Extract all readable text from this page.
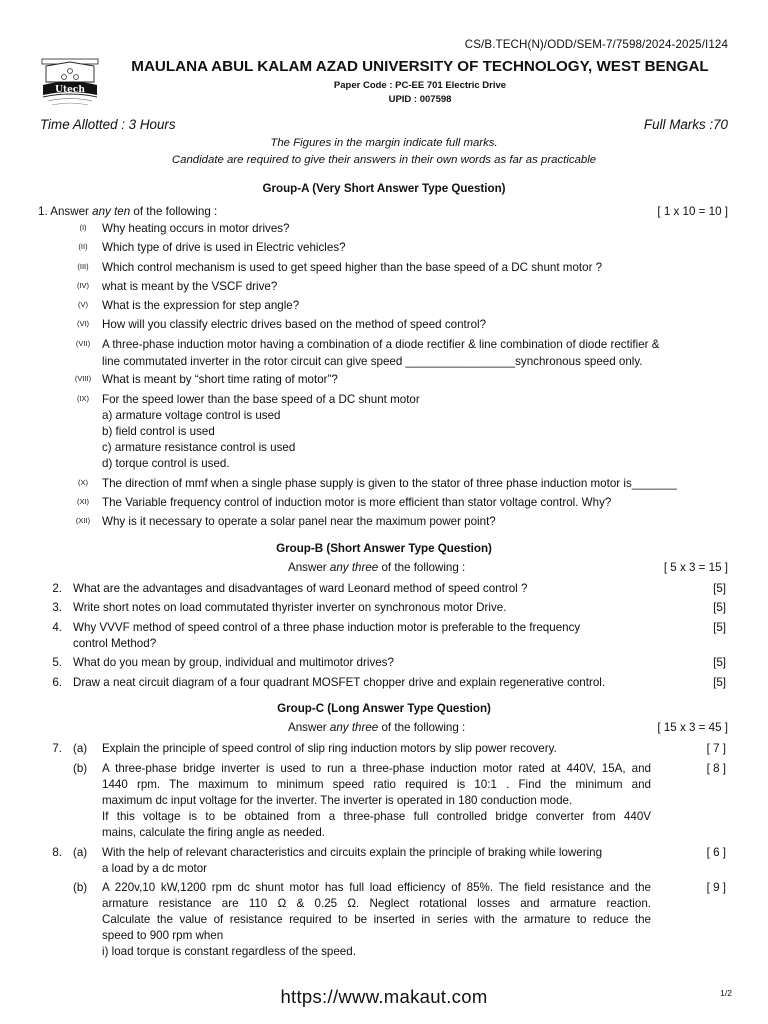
CS/B.TECH(N)/ODD/SEM-7/7598/2024-2025/I124
Utech
MAULANA ABUL KALAM AZAD UNIVERSITY OF TECHNOLOGY, WEST BENGAL
Paper Code : PC-EE 701 Electric Drive
UPID : 007598
Time Allotted : 3 Hours	Full Marks :70
The Figures in the margin indicate full marks.
Candidate are required to give their answers in their own words as far as practicable
Group-A (Very Short Answer Type Question)
1. Answer any ten of the following :	[ 1 x 10 = 10 ]
(I)	Why heating occurs in motor drives?
(II)	Which type of drive is used in Electric vehicles?
(III)	Which control mechanism is used to get speed higher than the base speed of a DC shunt motor ?
(IV)	what is meant by the VSCF drive?
(V)	What is the expression for step angle?
(VI)	How will you classify electric drives based on the method of speed control?
(VII)	A three-phase induction motor having a combination of a diode rectifier & line combination of diode rectifier &
line commutated inverter in the rotor circuit can give speed _________________synchronous speed only.
(VIII) What is meant by “short time rating of motor”?
(IX)	For the speed lower than the base speed of a DC shunt motor
a) armature voltage control is used
b) field control is used
c) armature resistance control is used
d) torque control is used.
(X)	The direction of mmf when a single phase supply is given to the stator of three phase induction motor is_______
(XI)	The Variable frequency control of induction motor is more efficient than stator voltage control. Why?
(XII)	Why is it necessary to operate a solar panel near the maximum power point?
Group-B (Short Answer Type Question)
Answer any three of the following :	[ 5 x 3 = 15 ]
2. What are the advantages and disadvantages of ward Leonard method of speed control ?	[5]
3. Write short notes on load commutated thyrister inverter on synchronous motor Drive.	[5]
4. Why VVVF method of speed control of a three phase induction motor is preferable to the frequency
control Method?
[5]
5. What do you mean by group, individual and multimotor drives?	[5]
6. Draw a neat circuit diagram of a four quadrant MOSFET chopper drive and explain regenerative control.	[5]
Group-C (Long Answer Type Question)
Answer any three of the following :	[ 15 x 3 = 45 ]
7. (a) Explain the principle of speed control of slip ring induction motors by slip power recovery.	[ 7 ]
(b) A three-phase bridge inverter is used to run a three-phase induction motor rated at 440V, 15A, and
1440 rpm. The maximum to minimum speed ratio required is 10:1 . Find the minimum and
maximum dc input voltage for the inverter. The inverter is operated in 180 conduction mode.
If this voltage is to be obtained from a three-phase full controlled bridge converter from 440V
mains, calculate the firing angle as needed.
[ 8 ]
8. (a) With the help of relevant characteristics and circuits explain the principle of braking while lowering
a load by a dc motor
[ 6 ]
(b) A 220v,10 kW,1200 rpm dc shunt motor has full load efficiency of 85%. The field resistance and the
armature resistance are 110 Ω & 0.25 Ω. Neglect rotational losses and armature reaction.
Calculate the value of resistance required to be inserted in series with the armature to reduce the
speed to 900 rpm when
i) load torque is constant regardless of the speed.
[ 9 ]
https://www.makaut.com	1/2
